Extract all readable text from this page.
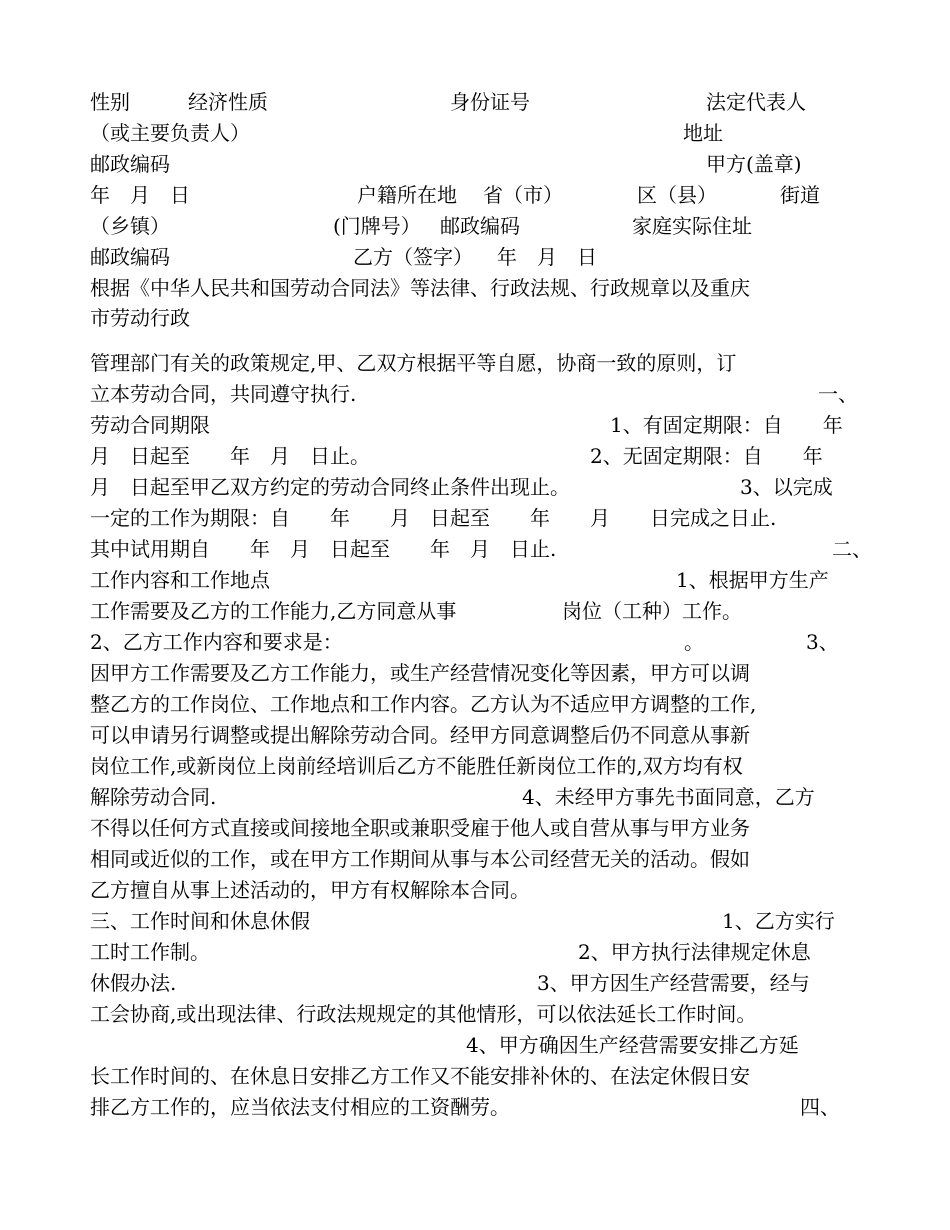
性别	经济性质	身份证号	法定代表人
（或主要负责人）	地址
邮政编码	甲方(盖章)
年　月　日	户籍所在地 省（市）	区（县）	街道
（乡镇）	(门牌号） 邮政编码	家庭实际住址
邮政编码	乙方（签字） 年　月　日
根据《中华人民共和国劳动合同法》等法律、行政法规、行政规章以及重庆
市劳动行政
管理部门有关的政策规定,甲、乙双方根据平等自愿，协商一致的原则，订
立本劳动合同，共同遵守执行.	一、
劳动合同期限	1、有固定期限：自　　年
月　日起至　　年　月　日止。	2、无固定期限：自　　年
月　日起至甲乙双方约定的劳动合同终止条件出现止。	3、以完成
一定的工作为期限：自　　年　　月　日起至　　年　　月　　日完成之日止.
其中试用期自　　年　月　日起至　　年　月　日止.	二、
工作内容和工作地点	1、根据甲方生产
工作需要及乙方的工作能力,乙方同意从事	岗位（工种）工作。
2、乙方工作内容和要求是：	。	3、
因甲方工作需要及乙方工作能力，或生产经营情况变化等因素，甲方可以调
整乙方的工作岗位、工作地点和工作内容。乙方认为不适应甲方调整的工作,
可以申请另行调整或提出解除劳动合同。经甲方同意调整后仍不同意从事新
岗位工作,或新岗位上岗前经培训后乙方不能胜任新岗位工作的,双方均有权
解除劳动合同.	4、未经甲方事先书面同意，乙方
不得以任何方式直接或间接地全职或兼职受雇于他人或自营从事与甲方业务
相同或近似的工作，或在甲方工作期间从事与本公司经营无关的活动。假如
乙方擅自从事上述活动的，甲方有权解除本合同。
三、工作时间和休息休假	1、乙方实行
工时工作制。	2、甲方执行法律规定休息
休假办法.	3、甲方因生产经营需要，经与
工会协商,或出现法律、行政法规规定的其他情形，可以依法延长工作时间。
4、甲方确因生产经营需要安排乙方延
长工作时间的、在休息日安排乙方工作又不能安排补休的、在法定休假日安
排乙方工作的，应当依法支付相应的工资酬劳。	四、
